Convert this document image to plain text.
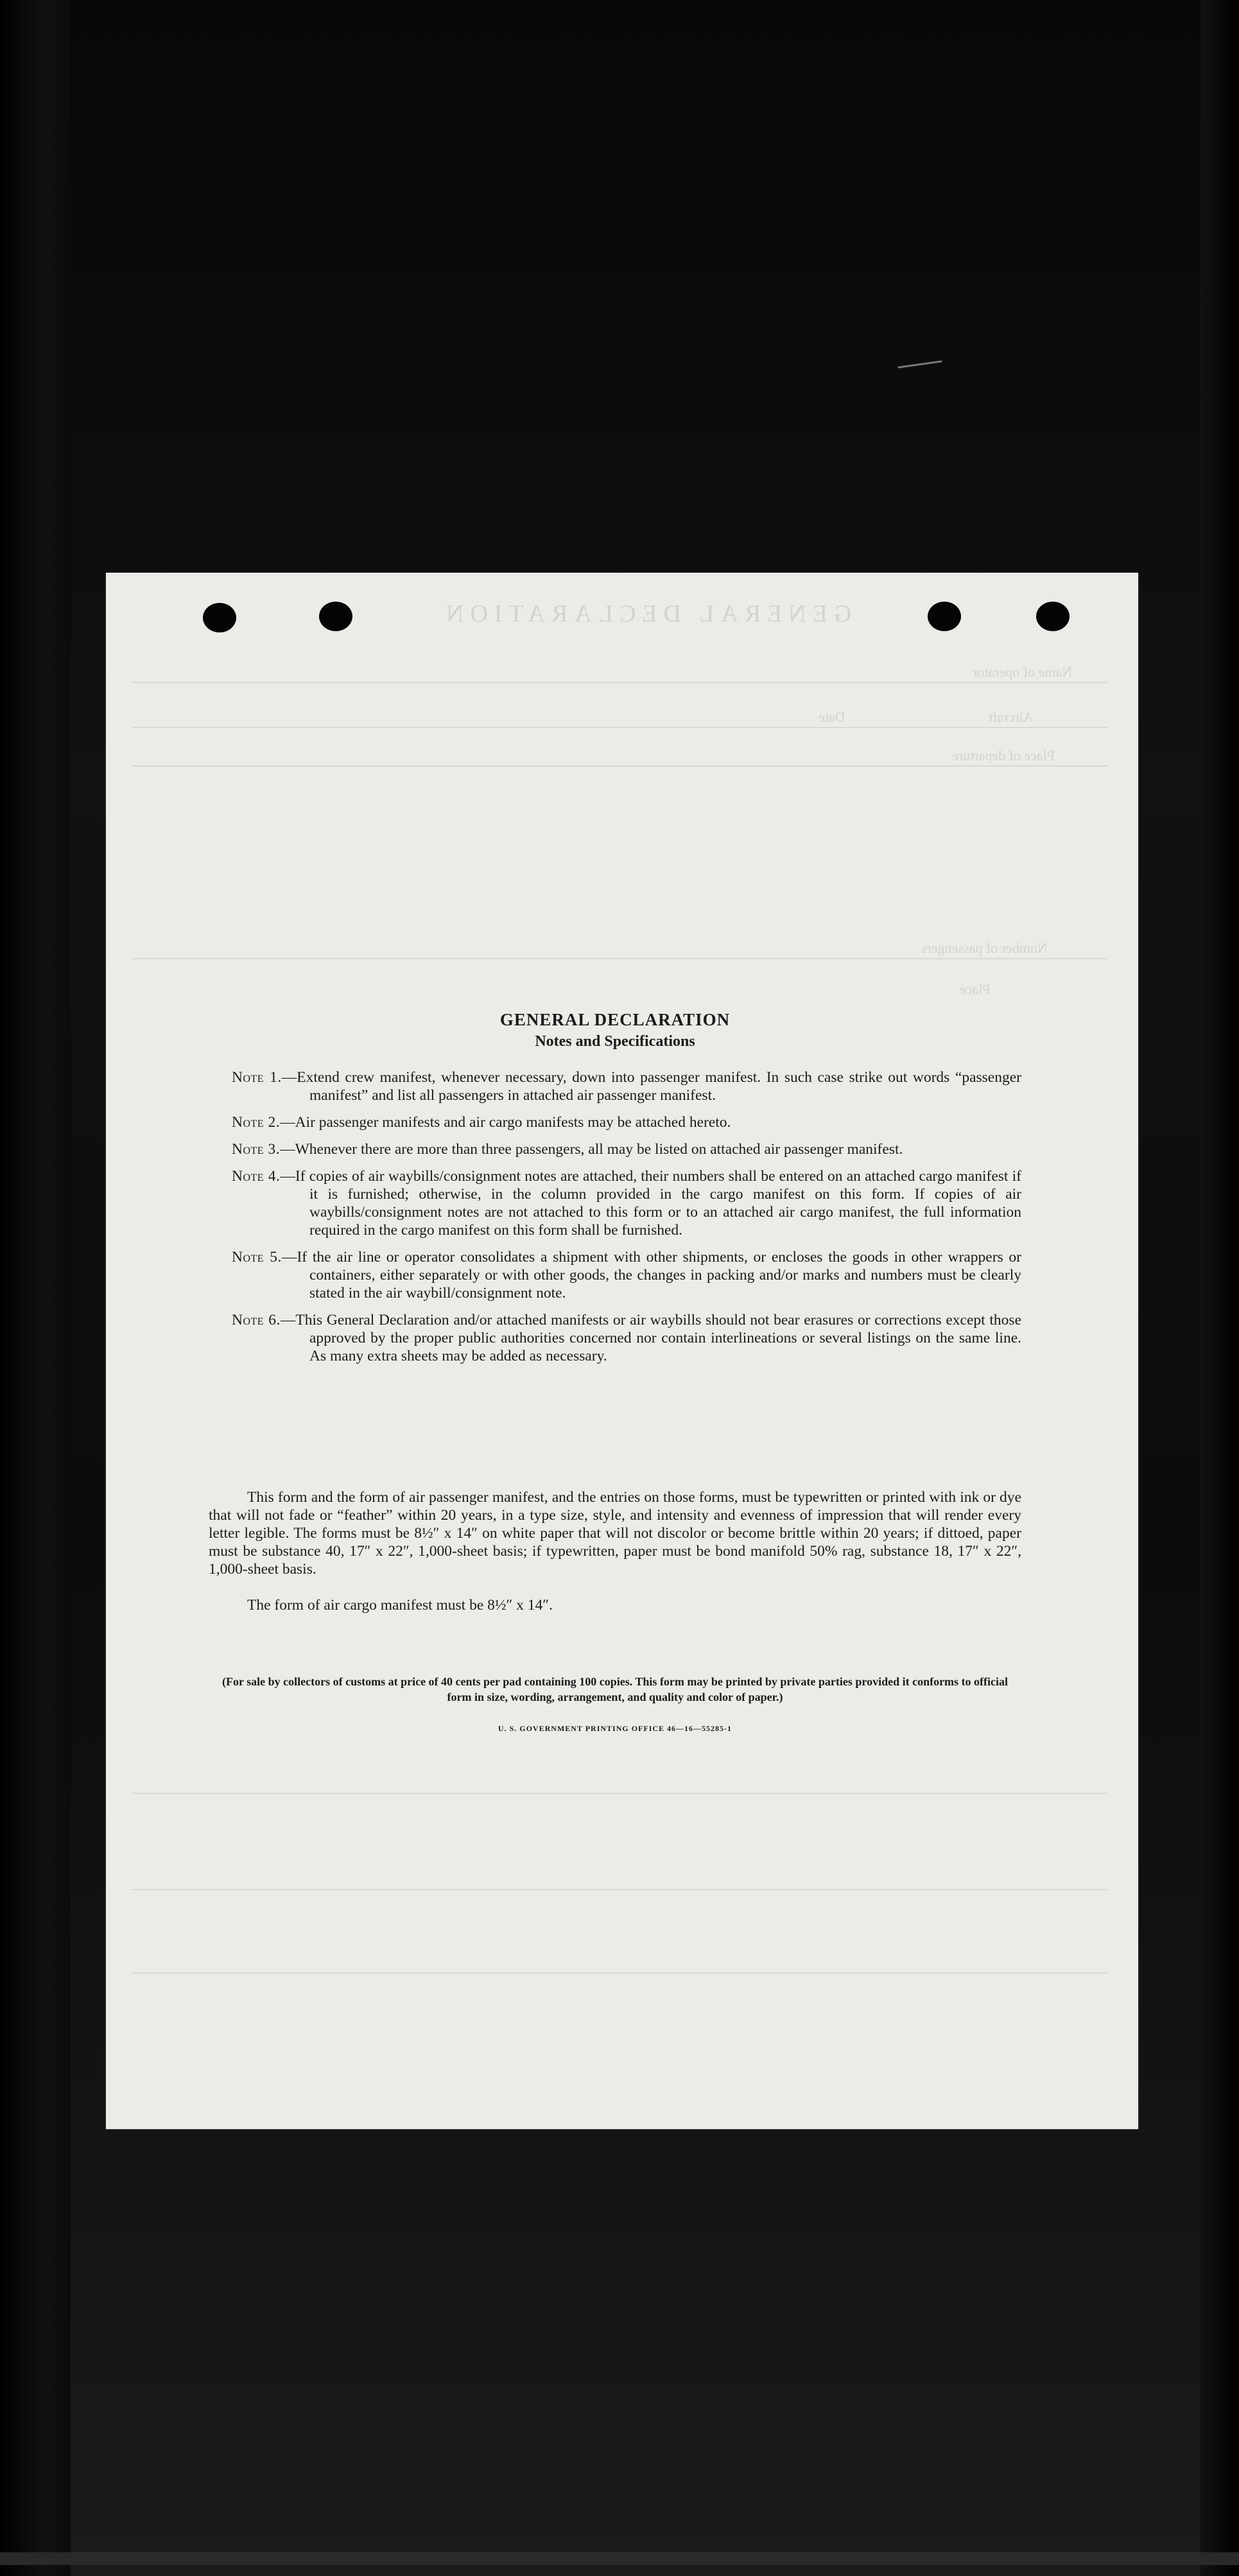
GENERAL DECLARATION
Name of operator
Aircraft
Date
Place of departure
Number of passengers
Place
GENERAL DECLARATION
Notes and Specifications
Note 1.—Extend crew manifest, whenever necessary, down into passenger manifest. In such case strike out words “passenger manifest” and list all passengers in attached air passenger manifest.
Note 2.—Air passenger manifests and air cargo manifests may be attached hereto.
Note 3.—Whenever there are more than three passengers, all may be listed on attached air passenger manifest.
Note 4.—If copies of air waybills/consignment notes are attached, their numbers shall be entered on an attached cargo manifest if it is furnished; otherwise, in the column provided in the cargo manifest on this form. If copies of air waybills/consignment notes are not attached to this form or to an attached air cargo manifest, the full information required in the cargo manifest on this form shall be furnished.
Note 5.—If the air line or operator consolidates a shipment with other shipments, or encloses the goods in other wrappers or containers, either separately or with other goods, the changes in packing and/or marks and numbers must be clearly stated in the air waybill/consignment note.
Note 6.—This General Declaration and/or attached manifests or air waybills should not bear erasures or corrections except those approved by the proper public authorities concerned nor contain interlineations or several listings on the same line. As many extra sheets may be added as necessary.

This form and the form of air passenger manifest, and the entries on those forms, must be typewritten or printed with ink or dye that will not fade or “feather” within 20 years, in a type size, style, and intensity and evenness of impression that will render every letter legible. The forms must be 8½″ x 14″ on white paper that will not discolor or become brittle within 20 years; if dittoed, paper must be substance 40, 17″ x 22″, 1,000-sheet basis; if typewritten, paper must be bond manifold 50% rag, substance 18, 17″ x 22″, 1,000-sheet basis.

The form of air cargo manifest must be 8½″ x 14″.

(For sale by collectors of customs at price of 40 cents per pad containing 100 copies. This form may be printed by private parties provided it conforms to official form in size, wording, arrangement, and quality and color of paper.)

U. S. GOVERNMENT PRINTING OFFICE 46—16—55285-1
